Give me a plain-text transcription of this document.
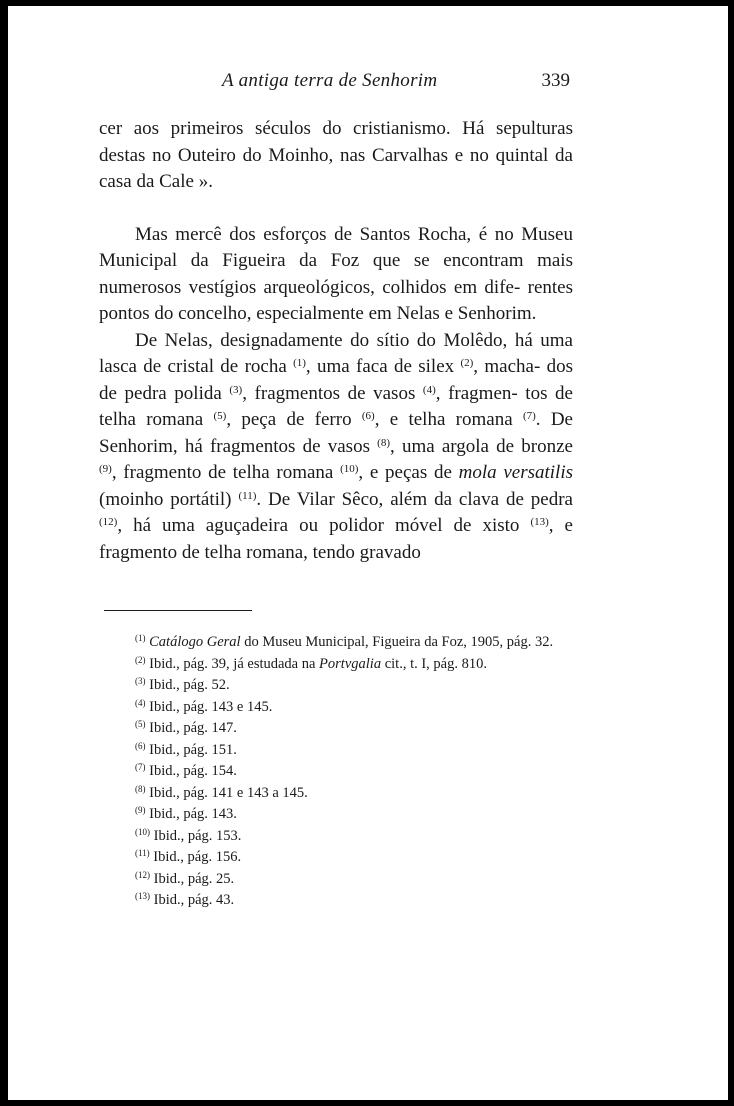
A antiga terra de Senhorim	339

cer aos primeiros séculos do cristianismo. Há sepulturas destas no Outeiro do Moinho, nas Carvalhas e no quintal da casa da Cale ».

Mas mercê dos esforços de Santos Rocha, é no Museu Municipal da Figueira da Foz que se encontram mais numerosos vestígios arqueológicos, colhidos em dife- rentes pontos do concelho, especialmente em Nelas e Senhorim.

De Nelas, designadamente do sítio do Molêdo, há uma lasca de cristal de rocha $^{(1)}$, uma faca de silex $^{(2)}$, macha- dos de pedra polida $^{(3)}$, fragmentos de vasos $^{(4)}$, fragmen- tos de telha romana $^{(5)}$, peça de ferro $^{(6)}$, e telha romana $^{(7)}$. De Senhorim, há fragmentos de vasos $^{(8)}$, uma argola de bronze $^{(9)}$, fragmento de telha romana $^{(10)}$, e peças de mola versatilis (moinho portátil) $^{(11)}$. De Vilar Sêco, além da clava de pedra $^{(12)}$, há uma aguçadeira ou polidor móvel de xisto $^{(13)}$, e fragmento de telha romana, tendo gravado

$^{(1)}$ Catálogo Geral do Museu Municipal, Figueira da Foz, 1905, pág. 32.

$^{(2)}$ Ibid., pág. 39, já estudada na Portvgalia cit., t. I, pág. 810.

$^{(3)}$ Ibid., pág. 52.

$^{(4)}$ Ibid., pág. 143 e 145.

$^{(5)}$ Ibid., pág. 147.

$^{(6)}$ Ibid., pág. 151.

$^{(7)}$ Ibid., pág. 154.

$^{(8)}$ Ibid., pág. 141 e 143 a 145.

$^{(9)}$ Ibid., pág. 143.

$^{(10)}$ Ibid., pág. 153.

$^{(11)}$ Ibid., pág. 156.

$^{(12)}$ Ibid., pág. 25.

$^{(13)}$ Ibid., pág. 43.
